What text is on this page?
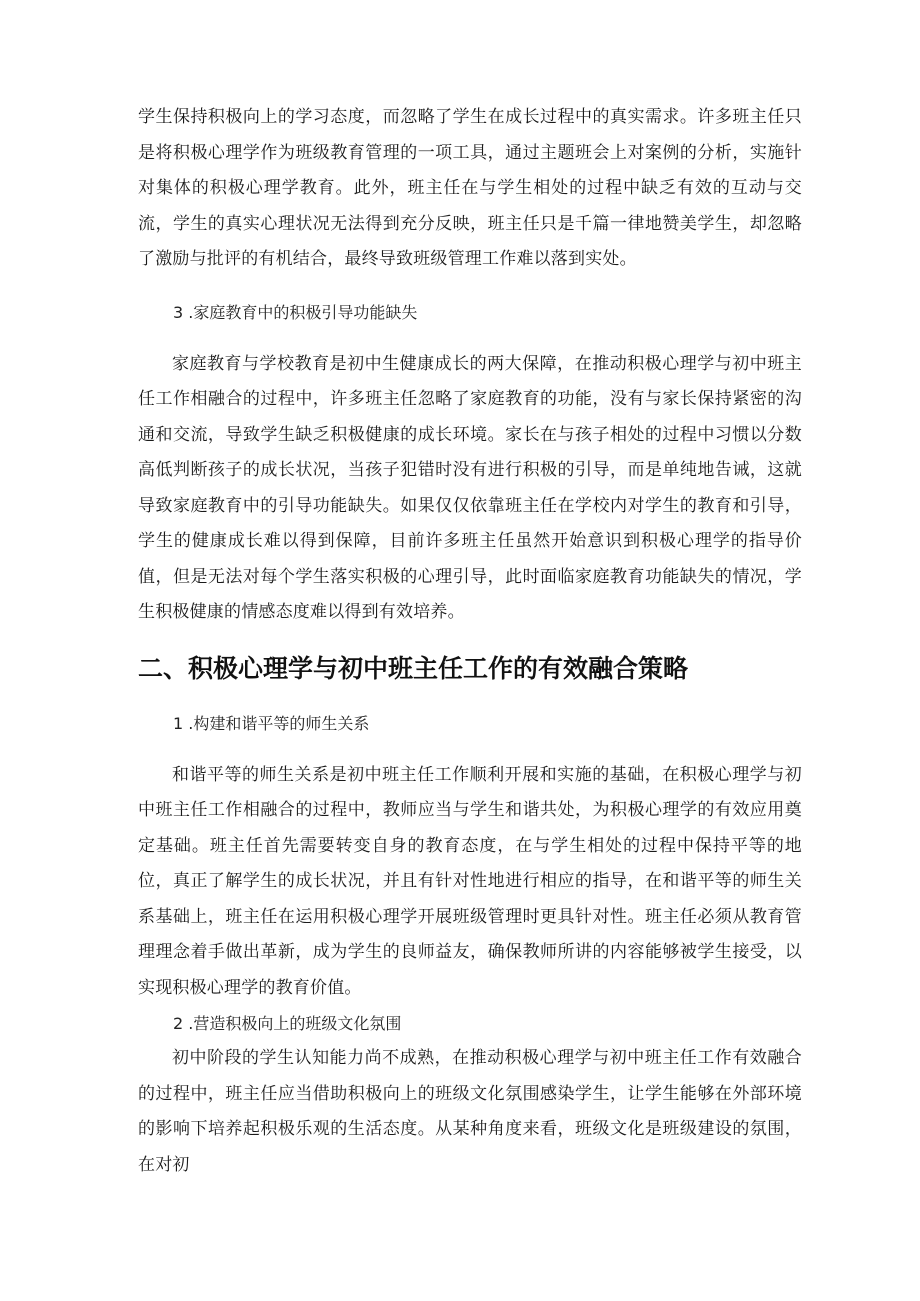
学生保持积极向上的学习态度，而忽略了学生在成长过程中的真实需求。许多班主任只是将积极心理学作为班级教育管理的一项工具，通过主题班会上对案例的分析，实施针对集体的积极心理学教育。此外，班主任在与学生相处的过程中缺乏有效的互动与交流，学生的真实心理状况无法得到充分反映，班主任只是千篇一律地赞美学生，却忽略了激励与批评的有机结合，最终导致班级管理工作难以落到实处。

3 .家庭教育中的积极引导功能缺失

家庭教育与学校教育是初中生健康成长的两大保障，在推动积极心理学与初中班主任工作相融合的过程中，许多班主任忽略了家庭教育的功能，没有与家长保持紧密的沟通和交流，导致学生缺乏积极健康的成长环境。家长在与孩子相处的过程中习惯以分数高低判断孩子的成长状况，当孩子犯错时没有进行积极的引导，而是单纯地告诫，这就导致家庭教育中的引导功能缺失。如果仅仅依靠班主任在学校内对学生的教育和引导，学生的健康成长难以得到保障，目前许多班主任虽然开始意识到积极心理学的指导价值，但是无法对每个学生落实积极的心理引导，此时面临家庭教育功能缺失的情况，学生积极健康的情感态度难以得到有效培养。

二、积极心理学与初中班主任工作的有效融合策略

1 .构建和谐平等的师生关系

和谐平等的师生关系是初中班主任工作顺利开展和实施的基础，在积极心理学与初中班主任工作相融合的过程中，教师应当与学生和谐共处，为积极心理学的有效应用奠定基础。班主任首先需要转变自身的教育态度，在与学生相处的过程中保持平等的地位，真正了解学生的成长状况，并且有针对性地进行相应的指导，在和谐平等的师生关系基础上，班主任在运用积极心理学开展班级管理时更具针对性。班主任必须从教育管理理念着手做出革新，成为学生的良师益友，确保教师所讲的内容能够被学生接受，以实现积极心理学的教育价值。

2 .营造积极向上的班级文化氛围

初中阶段的学生认知能力尚不成熟，在推动积极心理学与初中班主任工作有效融合的过程中，班主任应当借助积极向上的班级文化氛围感染学生，让学生能够在外部环境的影响下培养起积极乐观的生活态度。从某种角度来看，班级文化是班级建设的氛围，在对初
